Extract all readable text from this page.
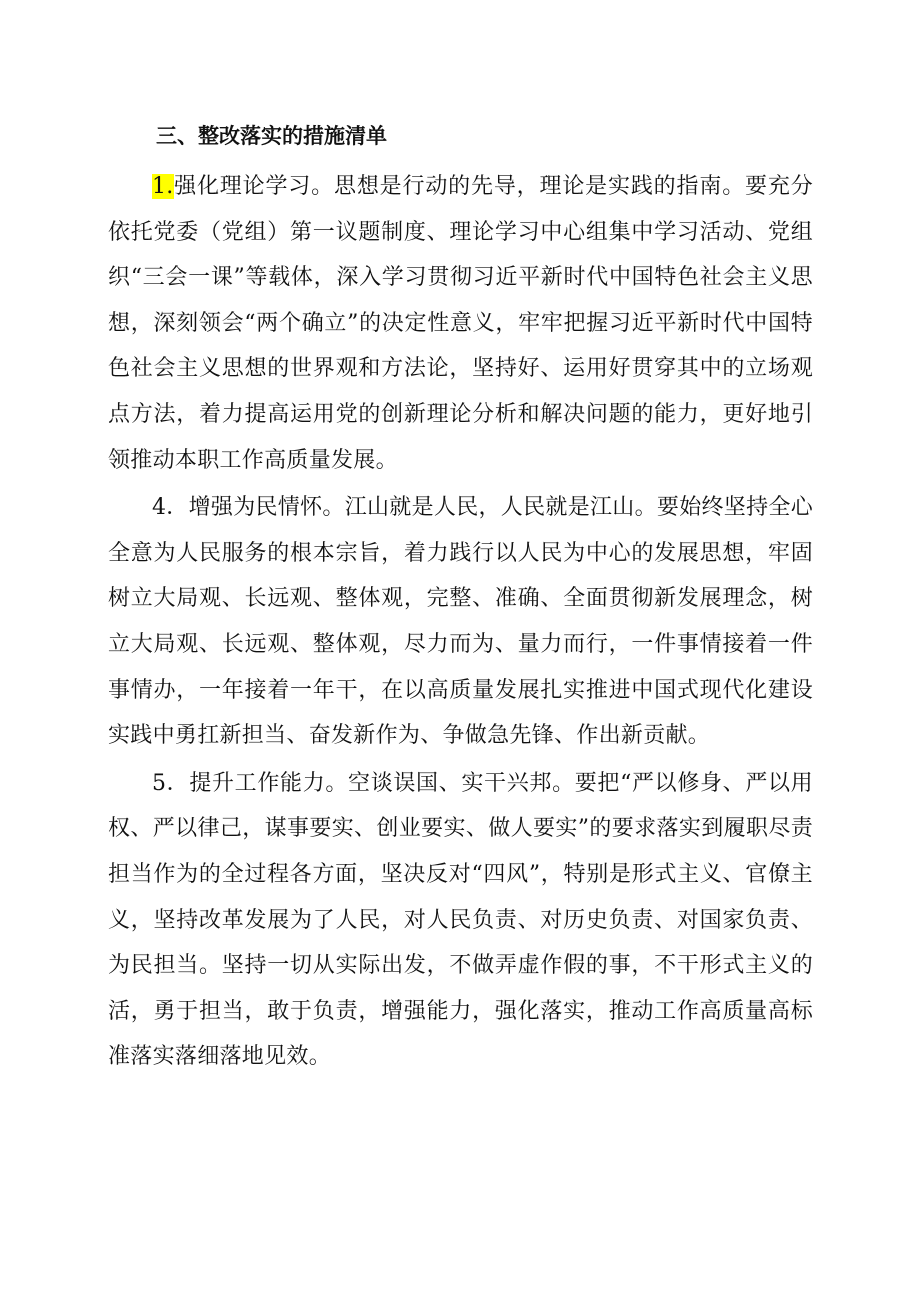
三、整改落实的措施清单

1.强化理论学习。思想是行动的先导，理论是实践的指南。要充分依托党委（党组）第一议题制度、理论学习中心组集中学习活动、党组织“三会一课”等载体，深入学习贯彻习近平新时代中国特色社会主义思想，深刻领会“两个确立”的决定性意义，牢牢把握习近平新时代中国特色社会主义思想的世界观和方法论，坚持好、运用好贯穿其中的立场观点方法，着力提高运用党的创新理论分析和解决问题的能力，更好地引领推动本职工作高质量发展。

4．增强为民情怀。江山就是人民，人民就是江山。要始终坚持全心全意为人民服务的根本宗旨，着力践行以人民为中心的发展思想，牢固树立大局观、长远观、整体观，完整、准确、全面贯彻新发展理念，树立大局观、长远观、整体观，尽力而为、量力而行，一件事情接着一件事情办，一年接着一年干，在以高质量发展扎实推进中国式现代化建设实践中勇扛新担当、奋发新作为、争做急先锋、作出新贡献。

5．提升工作能力。空谈误国、实干兴邦。要把“严以修身、严以用权、严以律己，谋事要实、创业要实、做人要实”的要求落实到履职尽责担当作为的全过程各方面，坚决反对“四风”，特别是形式主义、官僚主义，坚持改革发展为了人民，对人民负责、对历史负责、对国家负责、为民担当。坚持一切从实际出发，不做弄虚作假的事，不干形式主义的活，勇于担当，敢于负责，增强能力，强化落实，推动工作高质量高标准落实落细落地见效。
